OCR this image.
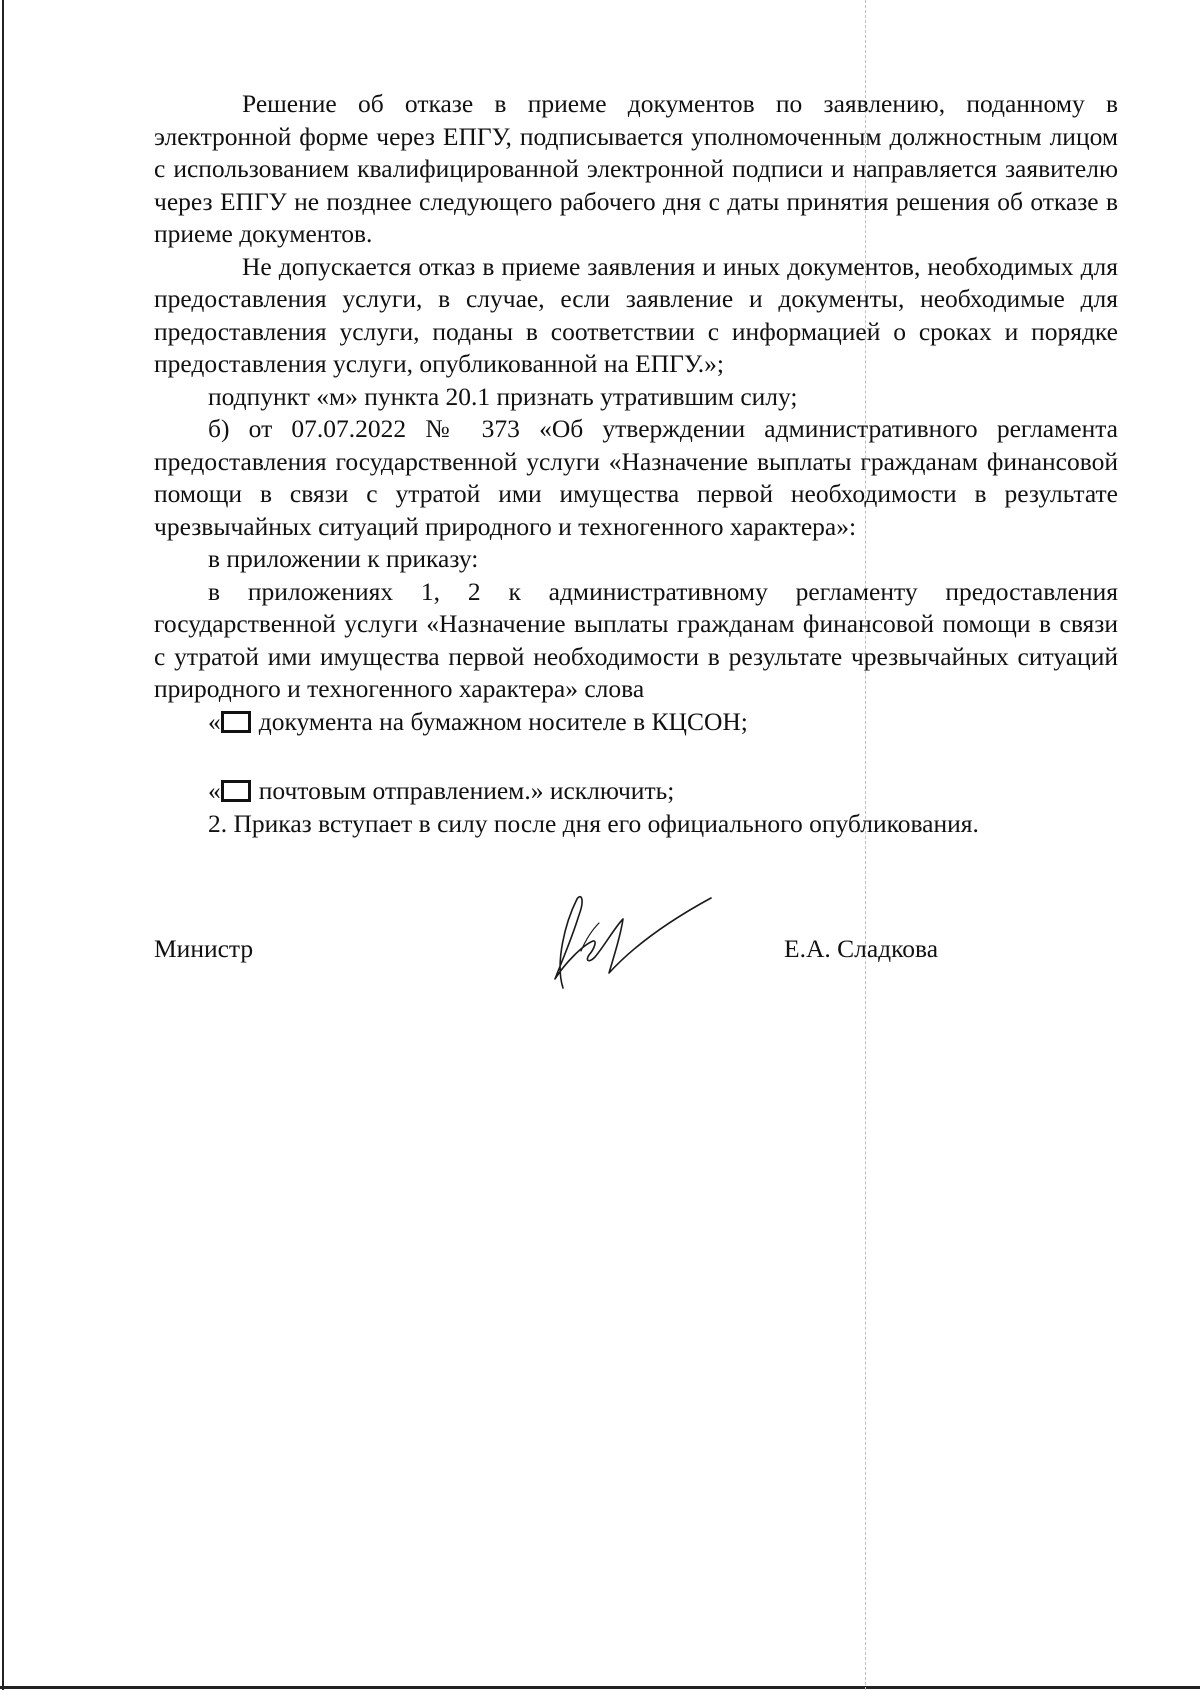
Решение об отказе в приеме документов по заявлению, поданному в электронной форме через ЕПГУ, подписывается уполномоченным должностным лицом с использованием квалифицированной электронной подписи и направляется заявителю через ЕПГУ не позднее следующего рабочего дня с даты принятия решения об отказе в приеме документов.

Не допускается отказ в приеме заявления и иных документов, необходимых для предоставления услуги, в случае, если заявление и документы, необходимые для предоставления услуги, поданы в соответствии с информацией о сроках и порядке предоставления услуги, опубликованной на ЕПГУ.»;

подпункт «м» пункта 20.1 признать утратившим силу;

б) от 07.07.2022 № 373 «Об утверждении административного регламента предоставления государственной услуги «Назначение выплаты гражданам финансовой помощи в связи с утратой ими имущества первой необходимости в результате чрезвычайных ситуаций природного и техногенного характера»:

в приложении к приказу:

в приложениях 1, 2 к административному регламенту предоставления государственной услуги «Назначение выплаты гражданам финансовой помощи в связи с утратой ими имущества первой необходимости в результате чрезвычайных ситуаций природного и техногенного характера» слова

« документа на бумажном носителе в КЦСОН;

« почтовым отправлением.» исключить;

2. Приказ вступает в силу после дня его официального опубликования.

Министр	Е.А. Сладкова
